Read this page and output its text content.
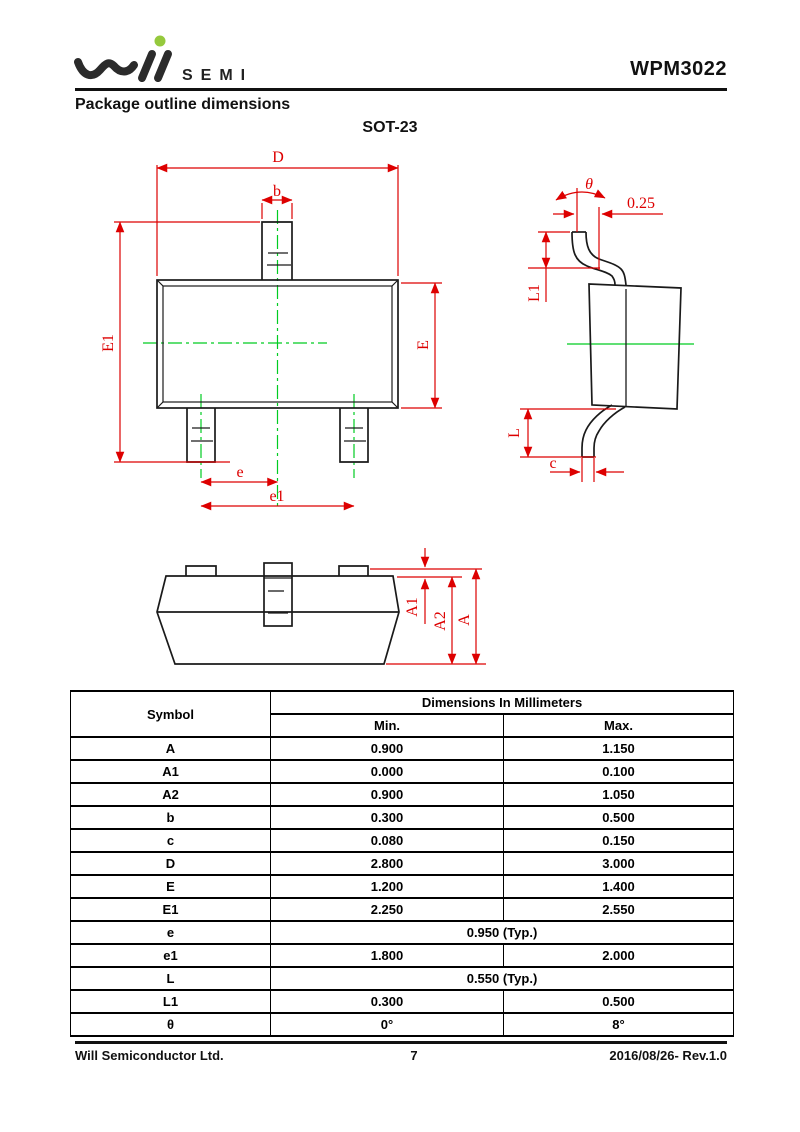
SEMI	WPM3022
Package outline dimensions
SOT-23
D
b
E1	E
e
e1
θ
0.25
L1
L
c
A1
A2 A
Symbol	Dimensions In Millimeters	
	Min.	Max.
A	0.900	1.150
A1	0.000	0.100
A2	0.900	1.050
b	0.300	0.500
c	0.080	0.150
D	2.800	3.000
E	1.200	1.400
E1	2.250	2.550
e	0.950 (Typ.)	
e1	1.800	2.000
L	0.550 (Typ.)	
L1	0.300	0.500
θ	0°	8°
Will Semiconductor Ltd.	7	2016/08/26- Rev.1.0
